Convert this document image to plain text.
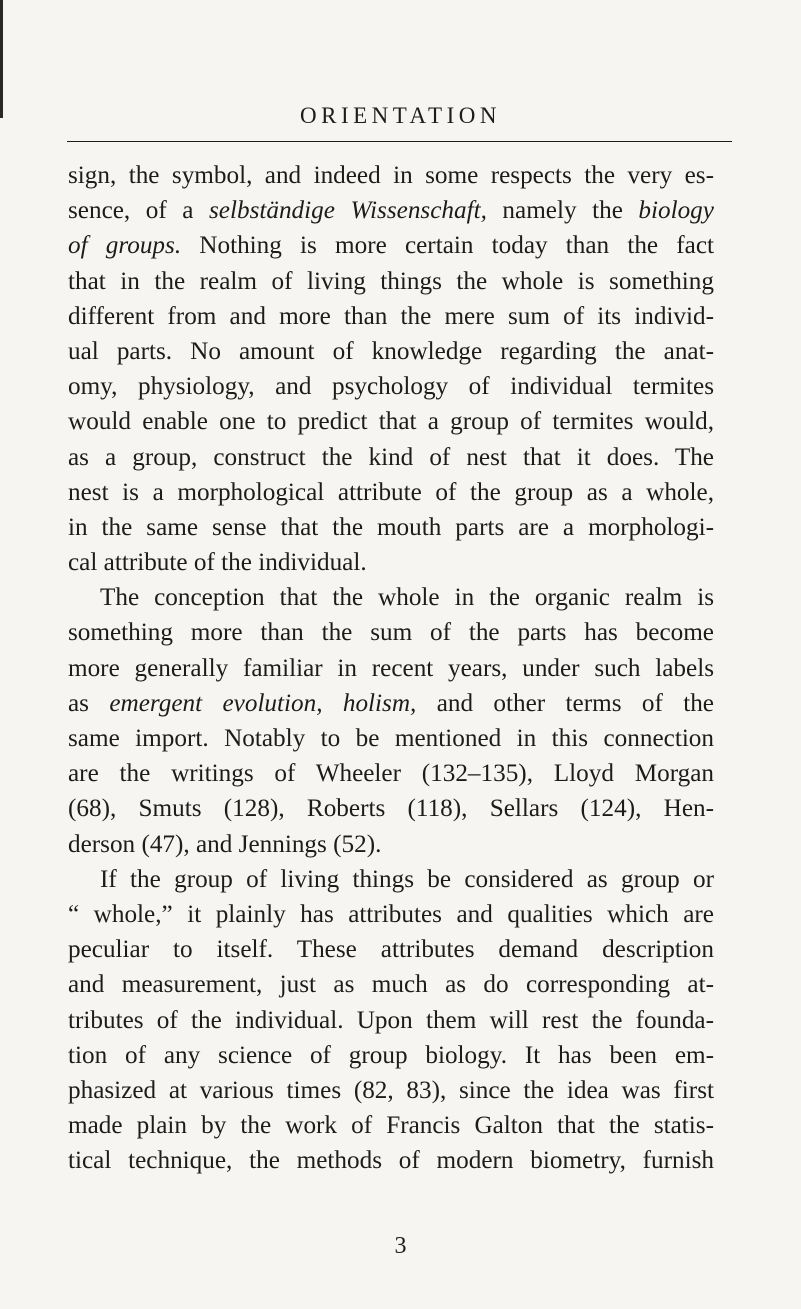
ORIENTATION
sign, the symbol, and indeed in some respects the very es-
sence, of a selbständige Wissenschaft, namely the biology
of groups. Nothing is more certain today than the fact
that in the realm of living things the whole is something
different from and more than the mere sum of its individ-
ual parts. No amount of knowledge regarding the anat-
omy, physiology, and psychology of individual termites
would enable one to predict that a group of termites would,
as a group, construct the kind of nest that it does. The
nest is a morphological attribute of the group as a whole,
in the same sense that the mouth parts are a morphologi-
cal attribute of the individual.
The conception that the whole in the organic realm is
something more than the sum of the parts has become
more generally familiar in recent years, under such labels
as emergent evolution, holism, and other terms of the
same import. Notably to be mentioned in this connection
are the writings of Wheeler (132–135), Lloyd Morgan
(68), Smuts (128), Roberts (118), Sellars (124), Hen-
derson (47), and Jennings (52).
If the group of living things be considered as group or
“ whole,” it plainly has attributes and qualities which are
peculiar to itself. These attributes demand description
and measurement, just as much as do corresponding at-
tributes of the individual. Upon them will rest the founda-
tion of any science of group biology. It has been em-
phasized at various times (82, 83), since the idea was first
made plain by the work of Francis Galton that the statis-
tical technique, the methods of modern biometry, furnish
3
